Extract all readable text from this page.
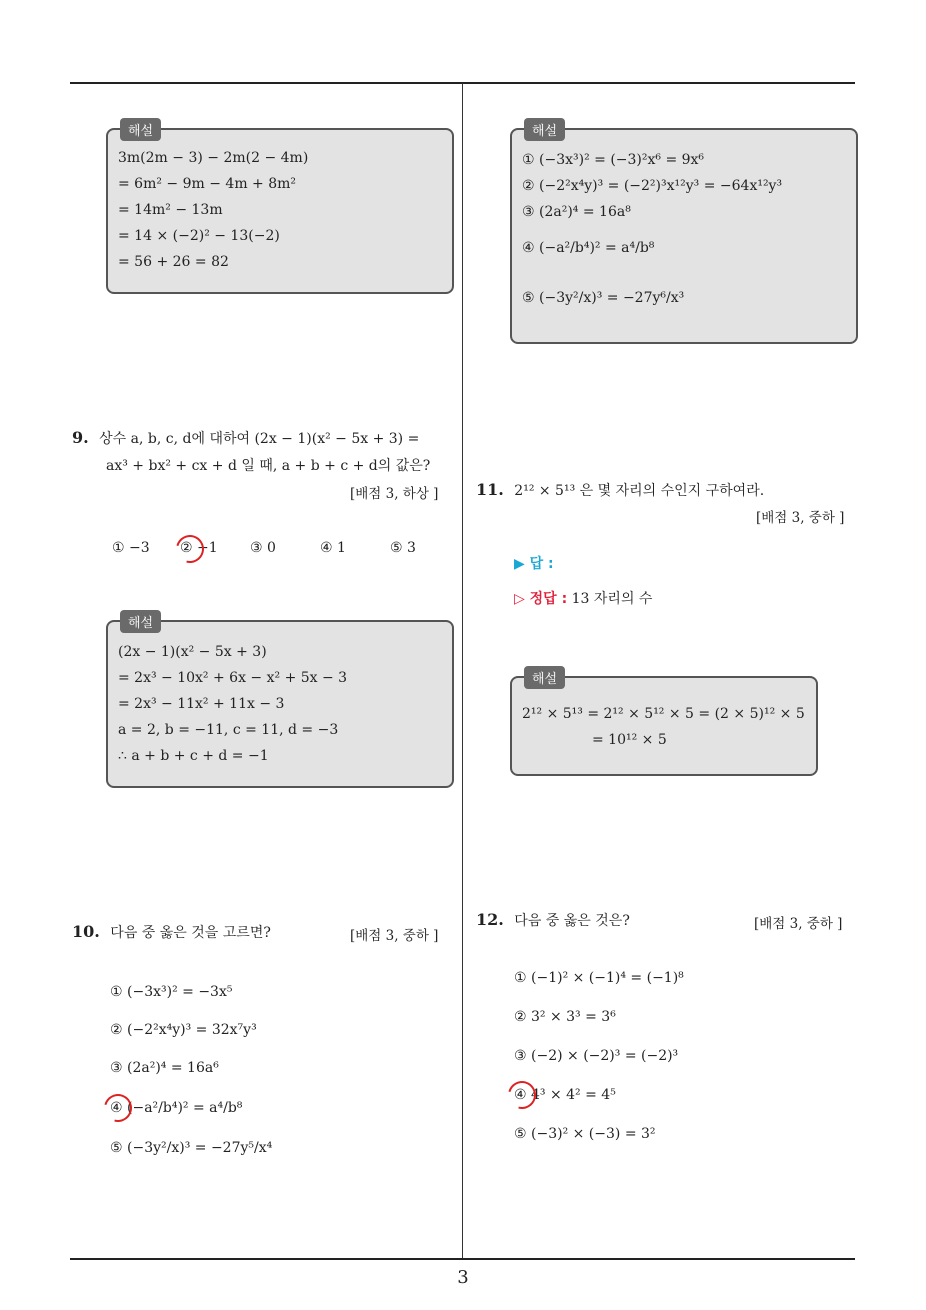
해설
3m(2m − 3) − 2m(2 − 4m)
= 6m² − 9m − 4m + 8m²
= 14m² − 13m
= 14 × (−2)² − 13(−2)
= 56 + 26 = 82
9. 상수 a, b, c, d에 대하여 (2x − 1)(x² − 5x + 3) =
ax³ + bx² + cx + d 일 때, a + b + c + d의 값은?
[배점 3, 하상 ]
① −3 ② −1 ③ 0	④ 1	⑤ 3
해설
(2x − 1)(x² − 5x + 3)
= 2x³ − 10x² + 6x − x² + 5x − 3
= 2x³ − 11x² + 11x − 3
a = 2, b = −11, c = 11, d = −3
∴ a + b + c + d = −1
10. 다음 중 옳은 것을 고르면?	[배점 3, 중하 ]
① (−3x³)² = −3x⁵
② (−2²x⁴y)³ = 32x⁷y³
③ (2a²)⁴ = 16a⁶
④ (−a²/b⁴)² = a⁴/b⁸
⑤ (−3y²/x)³ = −27y⁵/x⁴
해설
① (−3x³)² = (−3)²x⁶ = 9x⁶
② (−2²x⁴y)³ = (−2²)³x¹²y³ = −64x¹²y³
③ (2a²)⁴ = 16a⁸
④ (−a²/b⁴)² = a⁴/b⁸
⑤ (−3y²/x)³ = −27y⁶/x³
11. 2¹² × 5¹³ 은 몇 자리의 수인지 구하여라.
[배점 3, 중하 ]
▶ 답 :
▷ 정답 : 13 자리의 수
해설
2¹² × 5¹³ = 2¹² × 5¹² × 5 = (2 × 5)¹² × 5
= 10¹² × 5
12. 다음 중 옳은 것은?	[배점 3, 중하 ]
① (−1)² × (−1)⁴ = (−1)⁸
② 3² × 3³ = 3⁶
③ (−2) × (−2)³ = (−2)³
④ 4³ × 4² = 4⁵
⑤ (−3)² × (−3) = 3²
3
